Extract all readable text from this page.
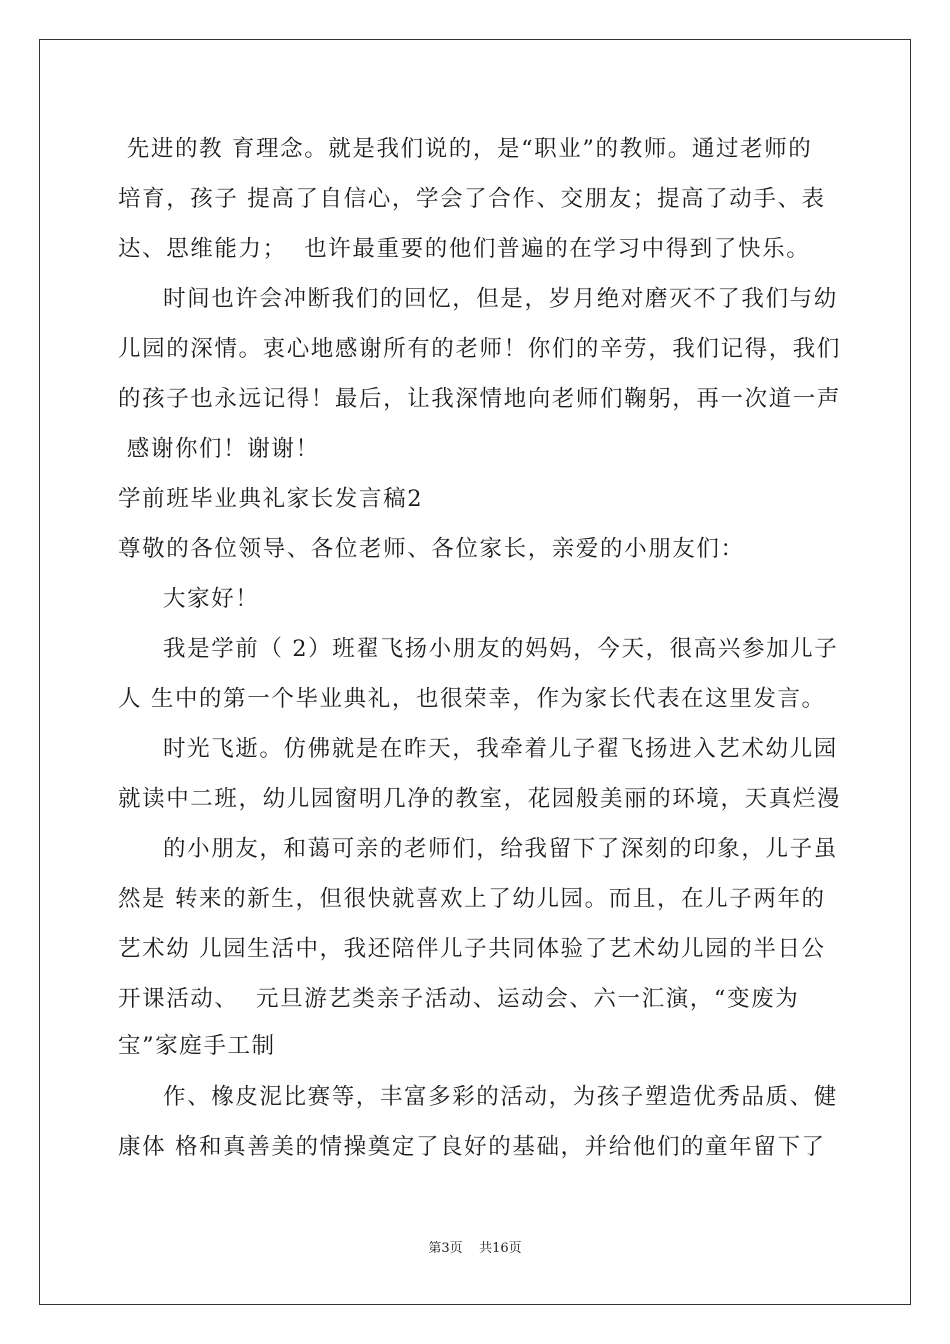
先进的教 育理念。就是我们说的，是“职业”的教师。通过老师的
培育，孩子 提高了自信心，学会了合作、交朋友；提高了动手、表
达、思维能力；  也许最重要的他们普遍的在学习中得到了快乐。
时间也许会冲断我们的回忆，但是，岁月绝对磨灭不了我们与幼
儿园的深情。衷心地感谢所有的老师！你们的辛劳，我们记得，我们
的孩子也永远记得！最后，让我深情地向老师们鞠躬，再一次道一声
感谢你们！谢谢！
学前班毕业典礼家长发言稿2
尊敬的各位领导、各位老师、各位家长，亲爱的小朋友们：
大家好！
我是学前（ 2）班翟飞扬小朋友的妈妈，今天，很高兴参加儿子
人 生中的第一个毕业典礼，也很荣幸，作为家长代表在这里发言。
时光飞逝。仿佛就是在昨天，我牵着儿子翟飞扬进入艺术幼儿园
就读中二班，幼儿园窗明几净的教室，花园般美丽的环境，天真烂漫
的小朋友，和蔼可亲的老师们，给我留下了深刻的印象，儿子虽
然是 转来的新生，但很快就喜欢上了幼儿园。而且，在儿子两年的
艺术幼 儿园生活中，我还陪伴儿子共同体验了艺术幼儿园的半日公
开课活动、  元旦游艺类亲子活动、运动会、六一汇演，“变废为
宝”家庭手工制
作、橡皮泥比赛等，丰富多彩的活动，为孩子塑造优秀品质、健
康体 格和真善美的情操奠定了良好的基础，并给他们的童年留下了
第3页    共16页
